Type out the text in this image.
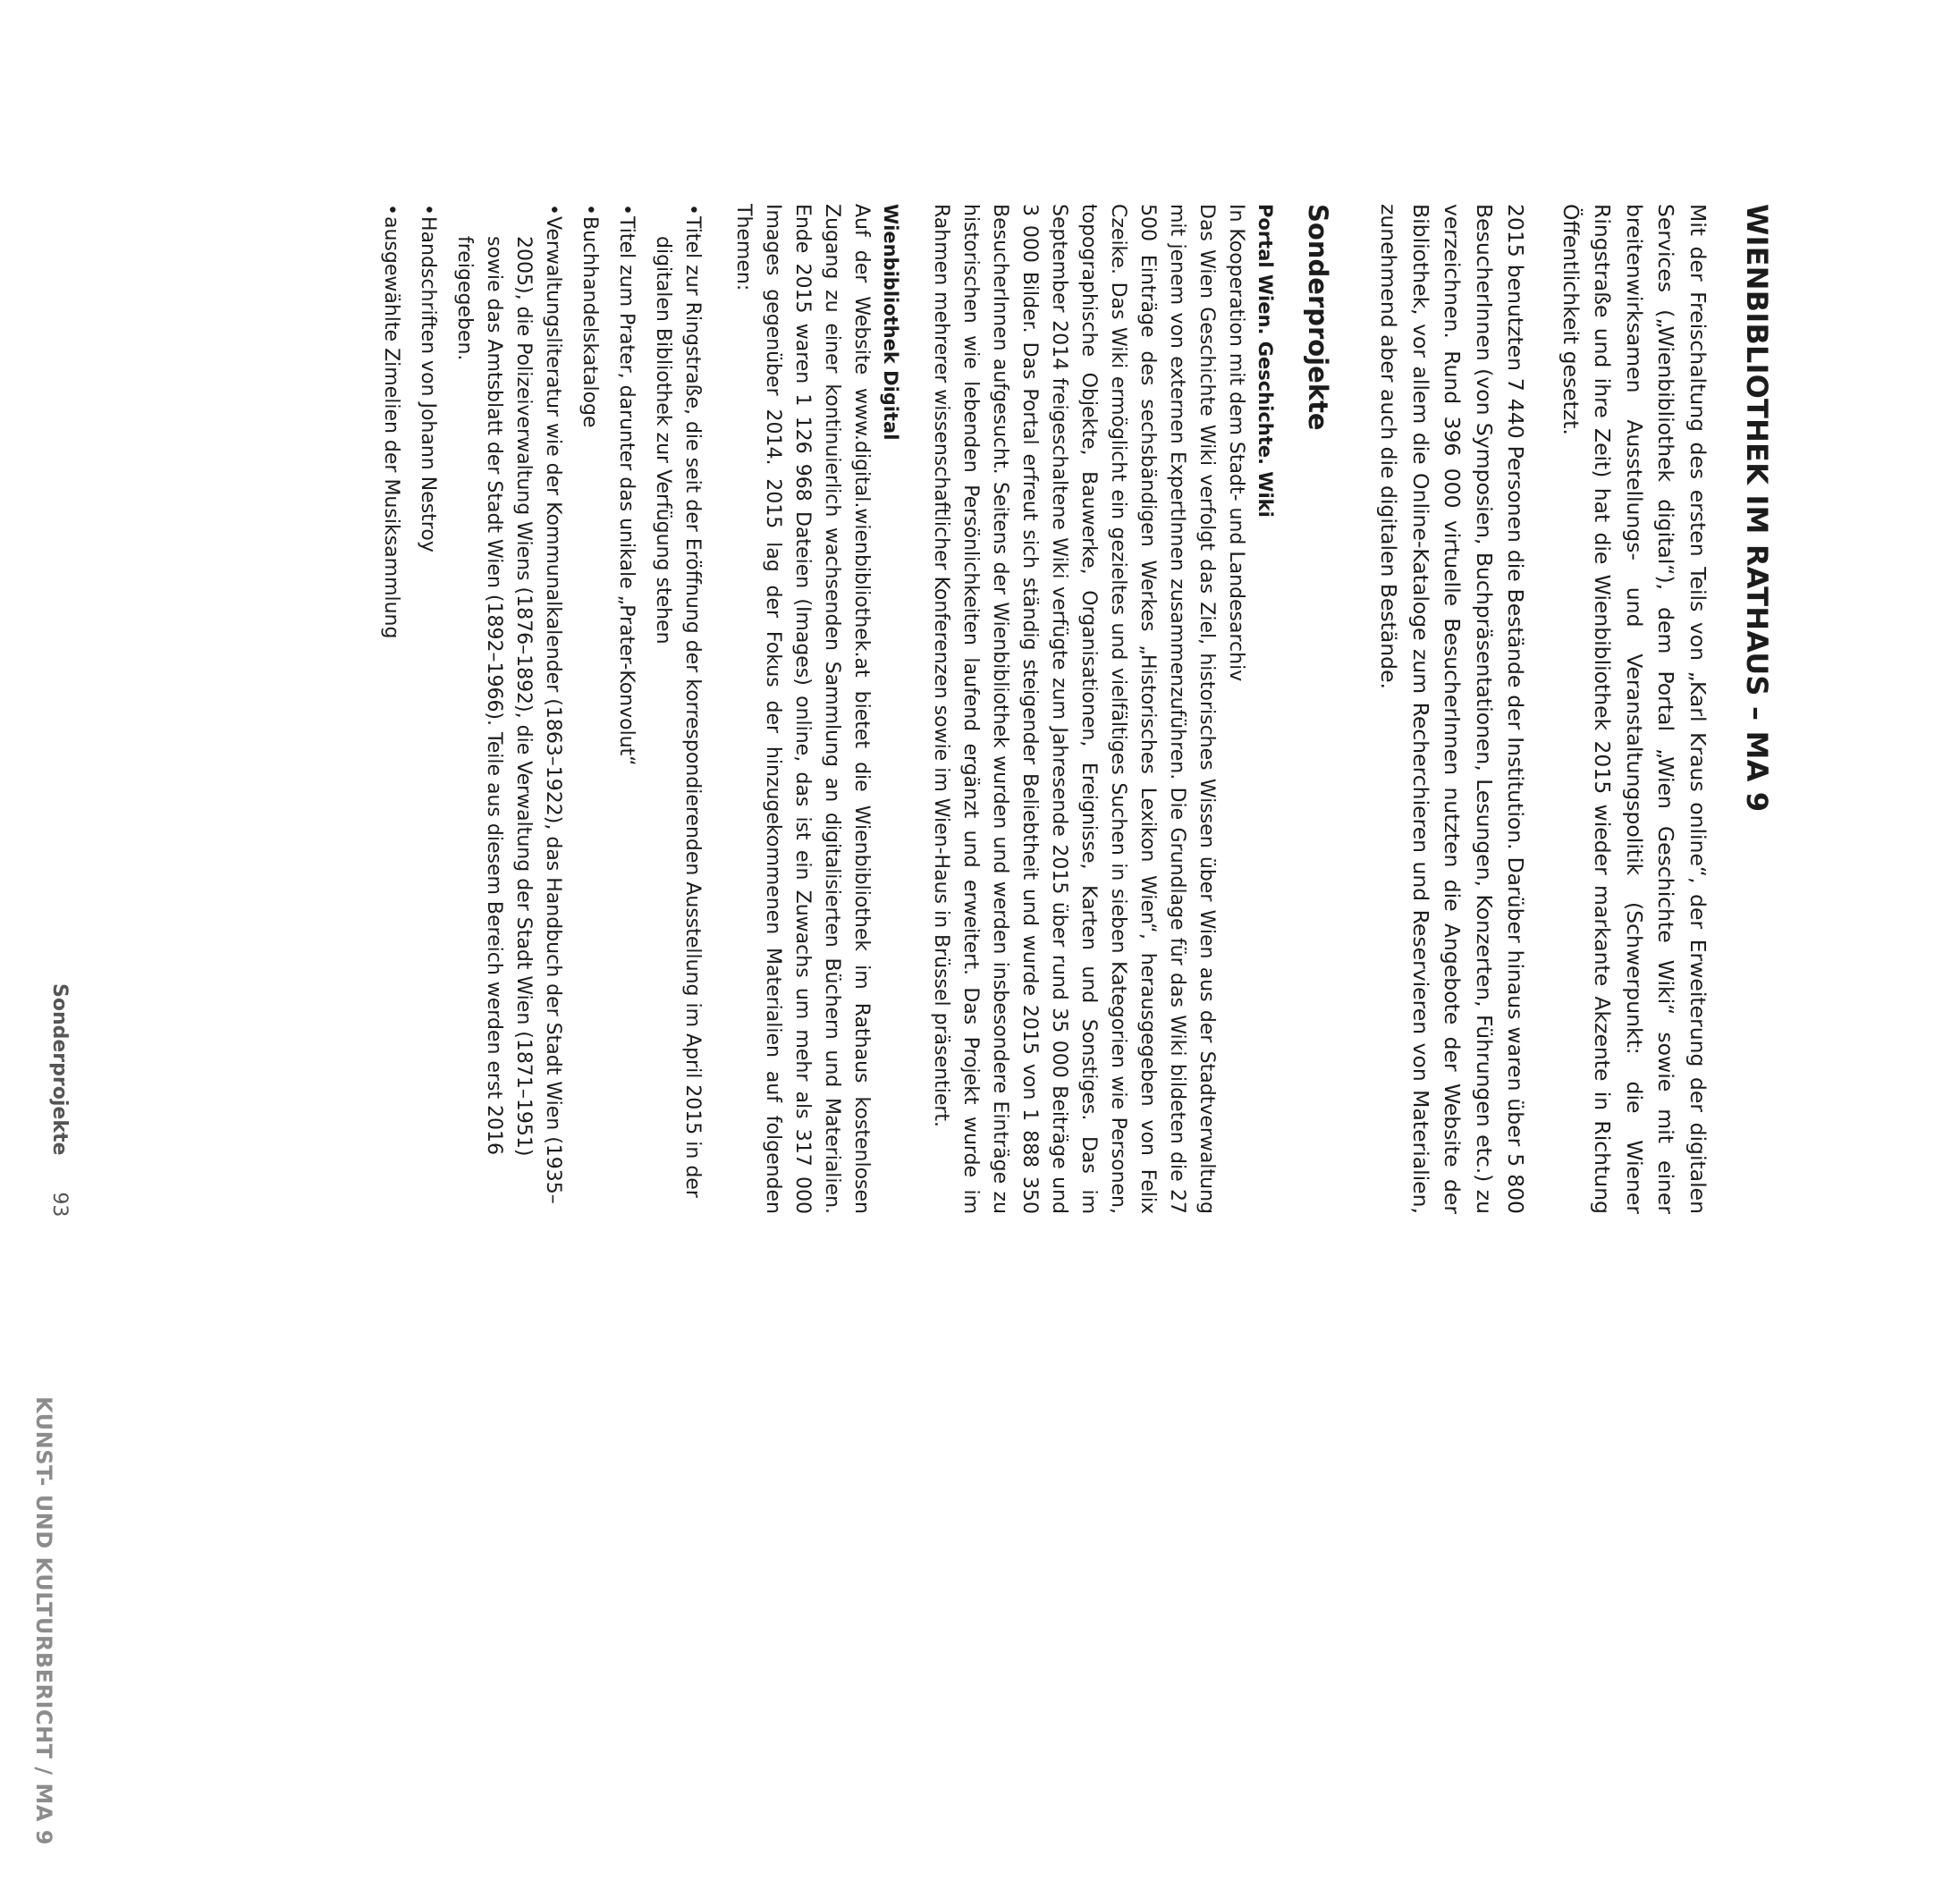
KUNST- UND KULTURBERICHT / MA 9
WIENBIBLIOTHEK IM RATHAUS – MA 9

Mit der Freischaltung des ersten Teils von „Karl Kraus online“, der Erweiterung der digitalen Services („Wienbibliothek digital“), dem Portal „Wien Geschichte Wiki“ sowie mit einer breitenwirksamen Ausstellungs- und Veranstaltungspolitik (Schwerpunkt: die Wiener Ringstraße und ihre Zeit) hat die Wienbibliothek 2015 wieder markante Akzente in Richtung Öffentlichkeit gesetzt.

2015 benutzten 7 440 Personen die Bestände der Institution. Darüber hinaus waren über 5 800 BesucherInnen (von Symposien, Buchpräsentationen, Lesungen, Konzerten, Führungen etc.) zu verzeichnen. Rund 396 000 virtuelle BesucherInnen nutzten die Angebote der Website der Bibliothek, vor allem die Online-Kataloge zum Recherchieren und Reservieren von Materialien, zunehmend aber auch die digitalen Bestände.

Sonderprojekte
Portal Wien. Geschichte. Wiki

In Kooperation mit dem Stadt- und Landesarchiv
Das Wien Geschichte Wiki verfolgt das Ziel, historisches Wissen über Wien aus der Stadtverwaltung mit jenem von externen ExpertInnen zusammenzuführen. Die Grundlage für das Wiki bildeten die 27 500 Einträge des sechsbändigen Werkes „Historisches Lexikon Wien“, herausgegeben von Felix Czeike. Das Wiki ermöglicht ein gezieltes und vielfältiges Suchen in sieben Kategorien wie Personen, topographische Objekte, Bauwerke, Organisationen, Ereignisse, Karten und Sonstiges. Das im September 2014 freigeschaltene Wiki verfügte zum Jahresende 2015 über rund 35 000 Beiträge und 3 000 Bilder. Das Portal erfreut sich ständig steigender Beliebtheit und wurde 2015 von 1 888 350 BesucherInnen aufgesucht. Seitens der Wienbibliothek wurden und werden insbesondere Einträge zu historischen wie lebenden Persönlichkeiten laufend ergänzt und erweitert. Das Projekt wurde im Rahmen mehrerer wissenschaftlicher Konferenzen sowie im Wien-Haus in Brüssel präsentiert.

Wienbibliothek Digital

Auf der Website www.digital.wienbibliothek.at bietet die Wienbibliothek im Rathaus kostenlosen Zugang zu einer kontinuierlich wachsenden Sammlung an digitalisierten Büchern und Materialien. Ende 2015 waren 1 126 968 Dateien (Images) online, das ist ein Zuwachs um mehr als 317 000 Images gegenüber 2014. 2015 lag der Fokus der hinzugekommenen Materialien auf folgenden Themen:

•
Titel zur Ringstraße, die seit der Eröffnung der korrespondierenden Ausstellung im April 2015 in der digitalen Bibliothek zur Verfügung stehen
•
Titel zum Prater, darunter das unikale „Prater-Konvolut“
•
Buchhandelskataloge
•
Verwaltungsliteratur wie der Kommunalkalender (1863–1922), das Handbuch der Stadt Wien (1935–2005), die Polizeiverwaltung Wiens (1876–1892), die Verwaltung der Stadt Wien (1871–1951) sowie das Amtsblatt der Stadt Wien (1892–1966). Teile aus diesem Bereich werden erst 2016 freigegeben.
•
Handschriften von Johann Nestroy
•
ausgewählte Zimelien der Musiksammlung
Sonderprojekte 93
